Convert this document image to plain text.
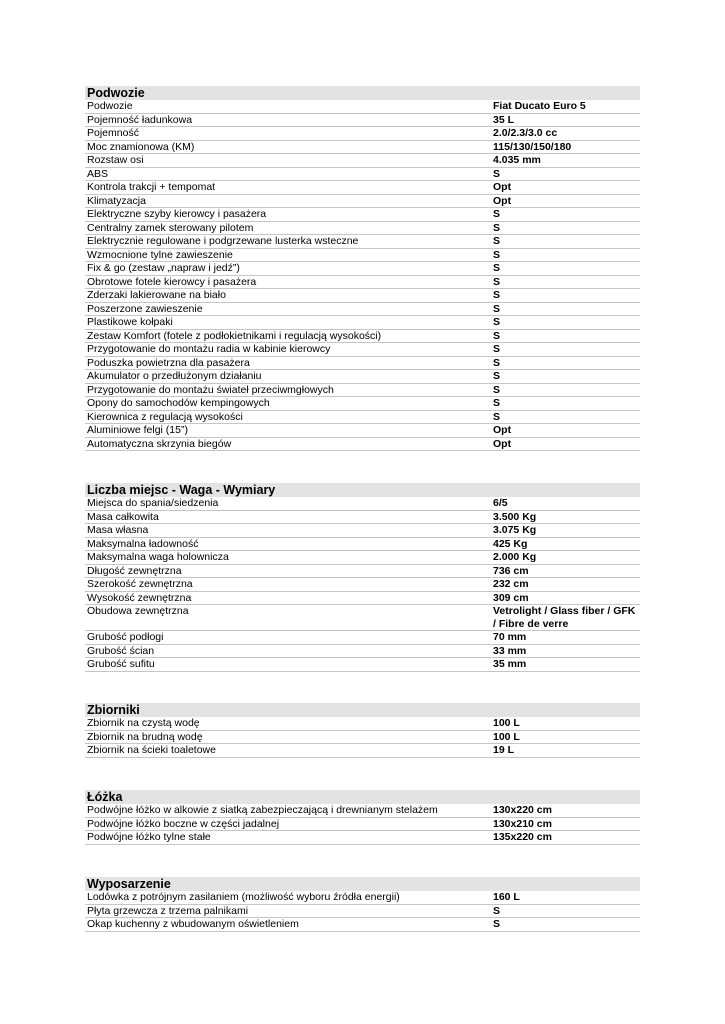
Podwozie
Podwozie	Fiat Ducato Euro 5
Pojemność ładunkowa	35 L
Pojemność	2.0/2.3/3.0 cc
Moc znamionowa (KM)	115/130/150/180
Rozstaw osi	4.035 mm
ABS	S
Kontrola trakcji + tempomat	Opt
Klimatyzacja	Opt
Elektryczne szyby kierowcy i pasażera	S
Centralny zamek sterowany pilotem	S
Elektrycznie regulowane i podgrzewane lusterka wsteczne	S
Wzmocnione tylne zawieszenie	S
Fix & go (zestaw „napraw i jedź”)	S
Obrotowe fotele kierowcy i pasażera	S
Zderzaki lakierowane na biało	S
Poszerzone zawieszenie	S
Plastikowe kołpaki	S
Zestaw Komfort (fotele z podłokietnikami i regulacją wysokości)	S
Przygotowanie do montażu radia w kabinie kierowcy	S
Poduszka powietrzna dla pasażera	S
Akumulator o przedłużonym działaniu	S
Przygotowanie do montażu świateł przeciwmgłowych	S
Opony do samochodów kempingowych	S
Kierownica z regulacją wysokości	S
Aluminiowe felgi (15”)	Opt
Automatyczna skrzynia biegów	Opt
Liczba miejsc - Waga - Wymiary
Miejsca do spania/siedzenia	6/5
Masa całkowita	3.500 Kg
Masa własna	3.075 Kg
Maksymalna ładowność	425 Kg
Maksymalna waga holownicza	2.000 Kg
Długość zewnętrzna	736 cm
Szerokość zewnętrzna	232 cm
Wysokość zewnętrzna	309 cm
Obudowa zewnętrzna	Vetrolight / Glass fiber / GFK / Fibre de verre
Grubość podłogi	70 mm
Grubość ścian	33 mm
Grubość sufitu	35 mm
Zbiorniki
Zbiornik na czystą wodę	100 L
Zbiornik na brudną wodę	100 L
Zbiornik na ścieki toaletowe	19 L
Łóżka
Podwójne łóżko w alkowie z siatką zabezpieczającą i drewnianym stelażem	130x220 cm
Podwójne łóżko boczne w części jadalnej	130x210 cm
Podwójne łóżko tylne stałe	135x220 cm
Wyposarzenie
Lodówka z potrójnym zasilaniem (możliwość wyboru źródła energii)	160 L
Płyta grzewcza z trzema palnikami	S
Okap kuchenny z wbudowanym oświetleniem	S
